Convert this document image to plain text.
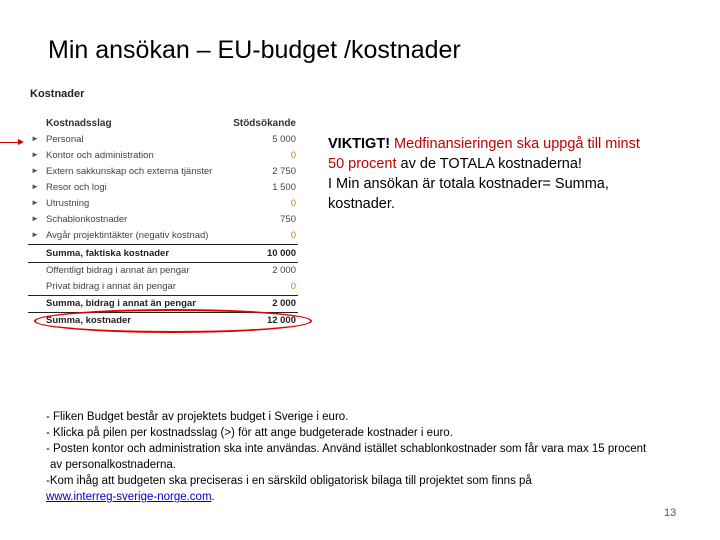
Min ansökan – EU-budget /kostnader
Kostnader
Kostnadsslag	Stödsökande
► Personal	5 000
► Kontor och administration	0
► Extern sakkunskap och externa tjänster	2 750
► Resor och logi	1 500
► Utrustning	0
► Schablonkostnader	750
► Avgår projektintäkter (negativ kostnad)	0
Summa, faktiska kostnader	10 000
Offentligt bidrag i annat än pengar	2 000
Privat bidrag i annat än pengar	0
Summa, bidrag i annat än pengar	2 000
Summa, kostnader	12 000
VIKTIGT! Medfinansieringen ska uppgå till minst
50 procent av de TOTALA kostnaderna!
I Min ansökan är totala kostnader= Summa,
kostnader.
- Fliken Budget består av projektets budget i Sverige i euro.
- Klicka på pilen per kostnadsslag (>) för att ange budgeterade kostnader i euro.
- Posten kontor och administration ska inte användas. Använd istället schablonkostnader som får vara max 15 procent
av personalkostnaderna.
-Kom ihåg att budgeten ska preciseras i en särskild obligatorisk bilaga till projektet som finns på
www.interreg-sverige-norge.com.
13
